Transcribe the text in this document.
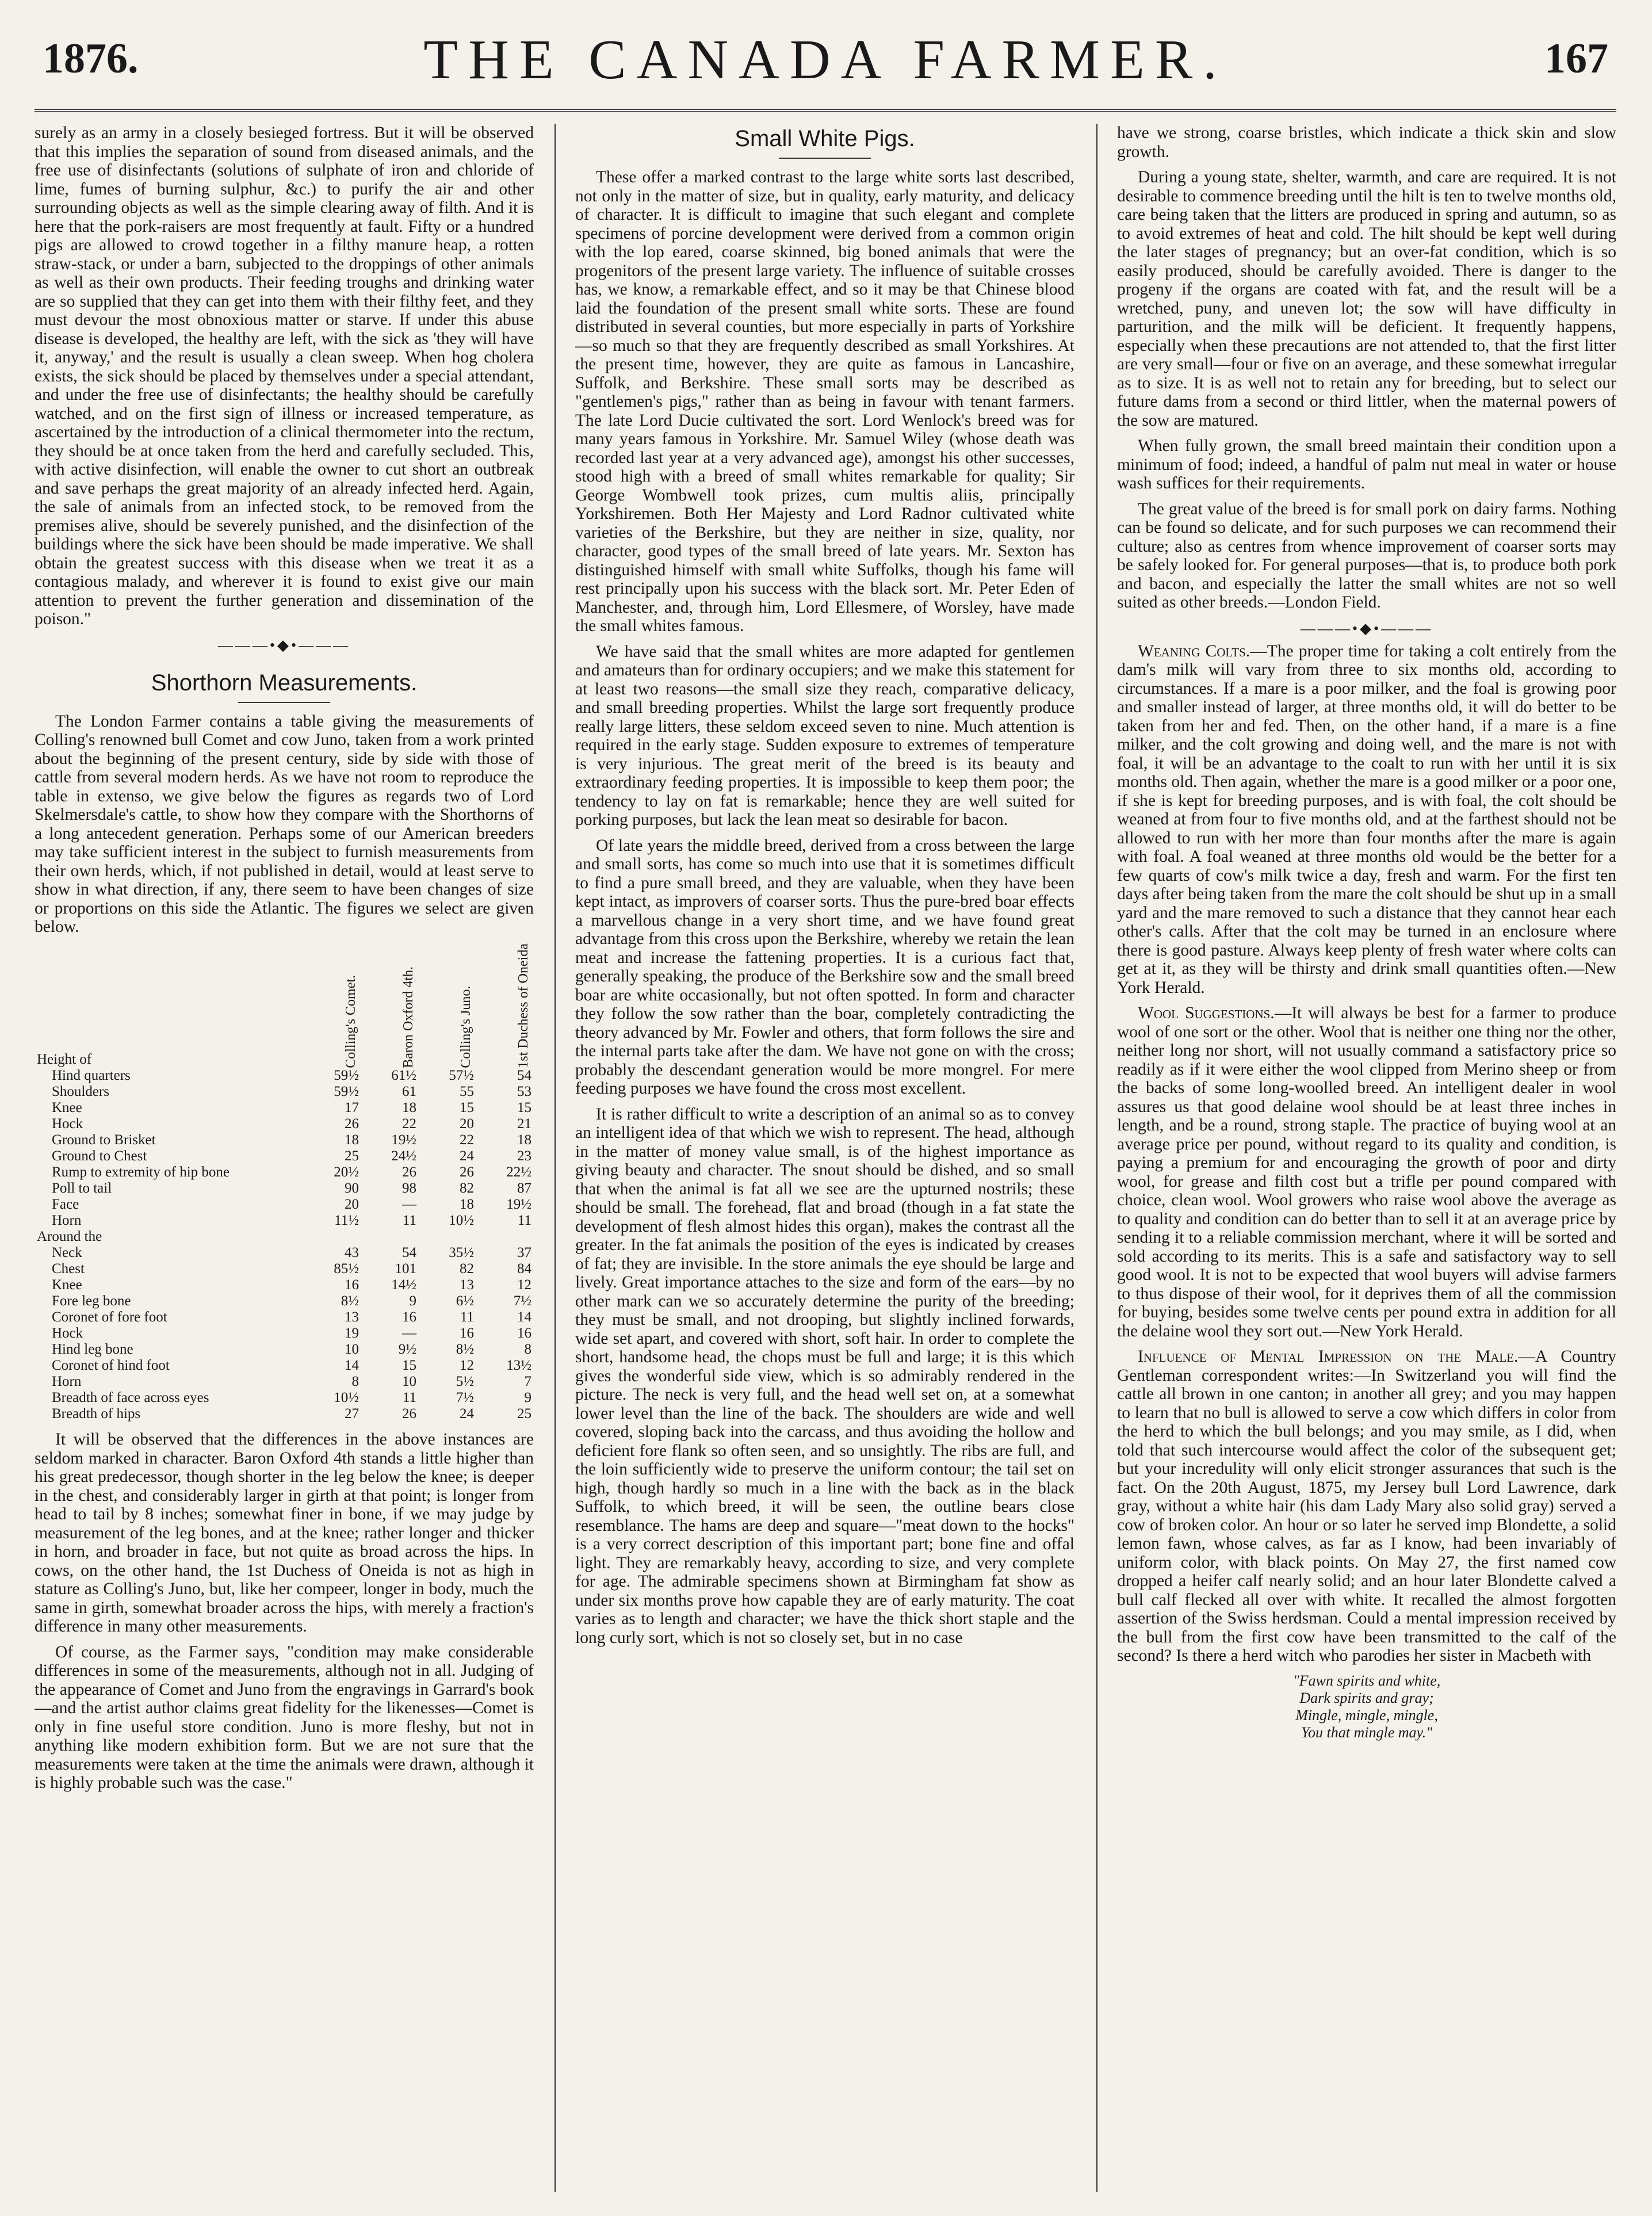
1876.	THE CANADA FARMER.	167

surely as an army in a closely besieged fortress. But it will be observed that this implies the separation of sound from diseased animals, and the free use of disinfectants (solutions of sulphate of iron and chloride of lime, fumes of burning sulphur, &c.) to purify the air and other surrounding objects as well as the simple clearing away of filth. And it is here that the pork-raisers are most frequently at fault. Fifty or a hundred pigs are allowed to crowd together in a filthy manure heap, a rotten straw-stack, or under a barn, subjected to the droppings of other animals as well as their own products. Their feeding troughs and drinking water are so supplied that they can get into them with their filthy feet, and they must devour the most obnoxious matter or starve. If under this abuse disease is developed, the healthy are left, with the sick as 'they will have it, anyway,' and the result is usually a clean sweep. When hog cholera exists, the sick should be placed by themselves under a special attendant, and under the free use of disinfectants; the healthy should be carefully watched, and on the first sign of illness or increased temperature, as ascertained by the introduction of a clinical thermometer into the rectum, they should be at once taken from the herd and carefully secluded. This, with active disinfection, will enable the owner to cut short an outbreak and save perhaps the great majority of an already infected herd. Again, the sale of animals from an infected stock, to be removed from the premises alive, should be severely punished, and the disinfection of the buildings where the sick have been should be made imperative. We shall obtain the greatest success with this disease when we treat it as a contagious malady, and wherever it is found to exist give our main attention to prevent the further generation and dissemination of the poison."

———•◆•———
Shorthorn Measurements.

The London Farmer contains a table giving the measurements of Colling's renowned bull Comet and cow Juno, taken from a work printed about the beginning of the present century, side by side with those of cattle from several modern herds. As we have not room to reproduce the table in extenso, we give below the figures as regards two of Lord Skelmersdale's cattle, to show how they compare with the Shorthorns of a long antecedent generation. Perhaps some of our American breeders may take sufficient interest in the subject to furnish measurements from their own herds, which, if not published in detail, would at least serve to show in what direction, if any, there seem to have been changes of size or proportions on this side the Atlantic. The figures we select are given below.

Height of	Colling's Comet.	Baron Oxford 4th.	Colling's Juno.	1st Duchess of Oneida
Hind quarters	59½	61½	57½	54
Shoulders	59½	61	55	53
Knee	17	18	15	15
Hock	26	22	20	21
Ground to Brisket	18	19½	22	18
Ground to Chest	25	24½	24	23
Rump to extremity of hip bone	20½	26	26	22½
Poll to tail	90	98	82	87
Face	20	—	18	19½
Horn	11½	11	10½	11
Around the				
Neck	43	54	35½	37
Chest	85½	101	82	84
Knee	16	14½	13	12
Fore leg bone	8½	9	6½	7½
Coronet of fore foot	13	16	11	14
Hock	19	—	16	16
Hind leg bone	10	9½	8½	8
Coronet of hind foot	14	15	12	13½
Horn	8	10	5½	7
Breadth of face across eyes	10½	11	7½	9
Breadth of hips	27	26	24	25

It will be observed that the differences in the above instances are seldom marked in character. Baron Oxford 4th stands a little higher than his great predecessor, though shorter in the leg below the knee; is deeper in the chest, and considerably larger in girth at that point; is longer from head to tail by 8 inches; somewhat finer in bone, if we may judge by measurement of the leg bones, and at the knee; rather longer and thicker in horn, and broader in face, but not quite as broad across the hips. In cows, on the other hand, the 1st Duchess of Oneida is not as high in stature as Colling's Juno, but, like her compeer, longer in body, much the same in girth, somewhat broader across the hips, with merely a fraction's difference in many other measurements.

Of course, as the Farmer says, "condition may make considerable differences in some of the measurements, although not in all. Judging of the appearance of Comet and Juno from the engravings in Garrard's book—and the artist author claims great fidelity for the likenesses—Comet is only in fine useful store condition. Juno is more fleshy, but not in anything like modern exhibition form. But we are not sure that the measurements were taken at the time the animals were drawn, although it is highly probable such was the case."

Small White Pigs.

These offer a marked contrast to the large white sorts last described, not only in the matter of size, but in quality, early maturity, and delicacy of character. It is difficult to imagine that such elegant and complete specimens of porcine development were derived from a common origin with the lop eared, coarse skinned, big boned animals that were the progenitors of the present large variety. The influence of suitable crosses has, we know, a remarkable effect, and so it may be that Chinese blood laid the foundation of the present small white sorts. These are found distributed in several counties, but more especially in parts of Yorkshire—so much so that they are frequently described as small Yorkshires. At the present time, however, they are quite as famous in Lancashire, Suffolk, and Berkshire. These small sorts may be described as "gentlemen's pigs," rather than as being in favour with tenant farmers. The late Lord Ducie cultivated the sort. Lord Wenlock's breed was for many years famous in Yorkshire. Mr. Samuel Wiley (whose death was recorded last year at a very advanced age), amongst his other successes, stood high with a breed of small whites remarkable for quality; Sir George Wombwell took prizes, cum multis aliis, principally Yorkshiremen. Both Her Majesty and Lord Radnor cultivated white varieties of the Berkshire, but they are neither in size, quality, nor character, good types of the small breed of late years. Mr. Sexton has distinguished himself with small white Suffolks, though his fame will rest principally upon his success with the black sort. Mr. Peter Eden of Manchester, and, through him, Lord Ellesmere, of Worsley, have made the small whites famous.

We have said that the small whites are more adapted for gentlemen and amateurs than for ordinary occupiers; and we make this statement for at least two reasons—the small size they reach, comparative delicacy, and small breeding properties. Whilst the large sort frequently produce really large litters, these seldom exceed seven to nine. Much attention is required in the early stage. Sudden exposure to extremes of temperature is very injurious. The great merit of the breed is its beauty and extraordinary feeding properties. It is impossible to keep them poor; the tendency to lay on fat is remarkable; hence they are well suited for porking purposes, but lack the lean meat so desirable for bacon.

Of late years the middle breed, derived from a cross between the large and small sorts, has come so much into use that it is sometimes difficult to find a pure small breed, and they are valuable, when they have been kept intact, as improvers of coarser sorts. Thus the pure-bred boar effects a marvellous change in a very short time, and we have found great advantage from this cross upon the Berkshire, whereby we retain the lean meat and increase the fattening properties. It is a curious fact that, generally speaking, the produce of the Berkshire sow and the small breed boar are white occasionally, but not often spotted. In form and character they follow the sow rather than the boar, completely contradicting the theory advanced by Mr. Fowler and others, that form follows the sire and the internal parts take after the dam. We have not gone on with the cross; probably the descendant generation would be more mongrel. For mere feeding purposes we have found the cross most excellent.

It is rather difficult to write a description of an animal so as to convey an intelligent idea of that which we wish to represent. The head, although in the matter of money value small, is of the highest importance as giving beauty and character. The snout should be dished, and so small that when the animal is fat all we see are the upturned nostrils; these should be small. The forehead, flat and broad (though in a fat state the development of flesh almost hides this organ), makes the contrast all the greater. In the fat animals the position of the eyes is indicated by creases of fat; they are invisible. In the store animals the eye should be large and lively. Great importance attaches to the size and form of the ears—by no other mark can we so accurately determine the purity of the breeding; they must be small, and not drooping, but slightly inclined forwards, wide set apart, and covered with short, soft hair. In order to complete the short, handsome head, the chops must be full and large; it is this which gives the wonderful side view, which is so admirably rendered in the picture. The neck is very full, and the head well set on, at a somewhat lower level than the line of the back. The shoulders are wide and well covered, sloping back into the carcass, and thus avoiding the hollow and deficient fore flank so often seen, and so unsightly. The ribs are full, and the loin sufficiently wide to preserve the uniform contour; the tail set on high, though hardly so much in a line with the back as in the black Suffolk, to which breed, it will be seen, the outline bears close resemblance. The hams are deep and square—"meat down to the hocks" is a very correct description of this important part; bone fine and offal light. They are remarkably heavy, according to size, and very complete for age. The admirable specimens shown at Birmingham fat show as under six months prove how capable they are of early maturity. The coat varies as to length and character; we have the thick short staple and the long curly sort, which is not so closely set, but in no case

have we strong, coarse bristles, which indicate a thick skin and slow growth.

During a young state, shelter, warmth, and care are required. It is not desirable to commence breeding until the hilt is ten to twelve months old, care being taken that the litters are produced in spring and autumn, so as to avoid extremes of heat and cold. The hilt should be kept well during the later stages of pregnancy; but an over-fat condition, which is so easily produced, should be carefully avoided. There is danger to the progeny if the organs are coated with fat, and the result will be a wretched, puny, and uneven lot; the sow will have difficulty in parturition, and the milk will be deficient. It frequently happens, especially when these precautions are not attended to, that the first litter are very small—four or five on an average, and these somewhat irregular as to size. It is as well not to retain any for breeding, but to select our future dams from a second or third littler, when the maternal powers of the sow are matured.

When fully grown, the small breed maintain their condition upon a minimum of food; indeed, a handful of palm nut meal in water or house wash suffices for their requirements.

The great value of the breed is for small pork on dairy farms. Nothing can be found so delicate, and for such purposes we can recommend their culture; also as centres from whence improvement of coarser sorts may be safely looked for. For general purposes—that is, to produce both pork and bacon, and especially the latter the small whites are not so well suited as other breeds.—London Field.

———•◆•———

Weaning Colts.—The proper time for taking a colt entirely from the dam's milk will vary from three to six months old, according to circumstances. If a mare is a poor milker, and the foal is growing poor and smaller instead of larger, at three months old, it will do better to be taken from her and fed. Then, on the other hand, if a mare is a fine milker, and the colt growing and doing well, and the mare is not with foal, it will be an advantage to the coalt to run with her until it is six months old. Then again, whether the mare is a good milker or a poor one, if she is kept for breeding purposes, and is with foal, the colt should be weaned at from four to five months old, and at the farthest should not be allowed to run with her more than four months after the mare is again with foal. A foal weaned at three months old would be the better for a few quarts of cow's milk twice a day, fresh and warm. For the first ten days after being taken from the mare the colt should be shut up in a small yard and the mare removed to such a distance that they cannot hear each other's calls. After that the colt may be turned in an enclosure where there is good pasture. Always keep plenty of fresh water where colts can get at it, as they will be thirsty and drink small quantities often.—New York Herald.

Wool Suggestions.—It will always be best for a farmer to produce wool of one sort or the other. Wool that is neither one thing nor the other, neither long nor short, will not usually command a satisfactory price so readily as if it were either the wool clipped from Merino sheep or from the backs of some long-woolled breed. An intelligent dealer in wool assures us that good delaine wool should be at least three inches in length, and be a round, strong staple. The practice of buying wool at an average price per pound, without regard to its quality and condition, is paying a premium for and encouraging the growth of poor and dirty wool, for grease and filth cost but a trifle per pound compared with choice, clean wool. Wool growers who raise wool above the average as to quality and condition can do better than to sell it at an average price by sending it to a reliable commission merchant, where it will be sorted and sold according to its merits. This is a safe and satisfactory way to sell good wool. It is not to be expected that wool buyers will advise farmers to thus dispose of their wool, for it deprives them of all the commission for buying, besides some twelve cents per pound extra in addition for all the delaine wool they sort out.—New York Herald.

Influence of Mental Impression on the Male.—A Country Gentleman correspondent writes:—In Switzerland you will find the cattle all brown in one canton; in another all grey; and you may happen to learn that no bull is allowed to serve a cow which differs in color from the herd to which the bull belongs; and you may smile, as I did, when told that such intercourse would affect the color of the subsequent get; but your incredulity will only elicit stronger assurances that such is the fact. On the 20th August, 1875, my Jersey bull Lord Lawrence, dark gray, without a white hair (his dam Lady Mary also solid gray) served a cow of broken color. An hour or so later he served imp Blondette, a solid lemon fawn, whose calves, as far as I know, had been invariably of uniform color, with black points. On May 27, the first named cow dropped a heifer calf nearly solid; and an hour later Blondette calved a bull calf flecked all over with white. It recalled the almost forgotten assertion of the Swiss herdsman. Could a mental impression received by the bull from the first cow have been transmitted to the calf of the second? Is there a herd witch who parodies her sister in Macbeth with

"Fawn spirits and white,
Dark spirits and gray;
Mingle, mingle, mingle,
You that mingle may."
